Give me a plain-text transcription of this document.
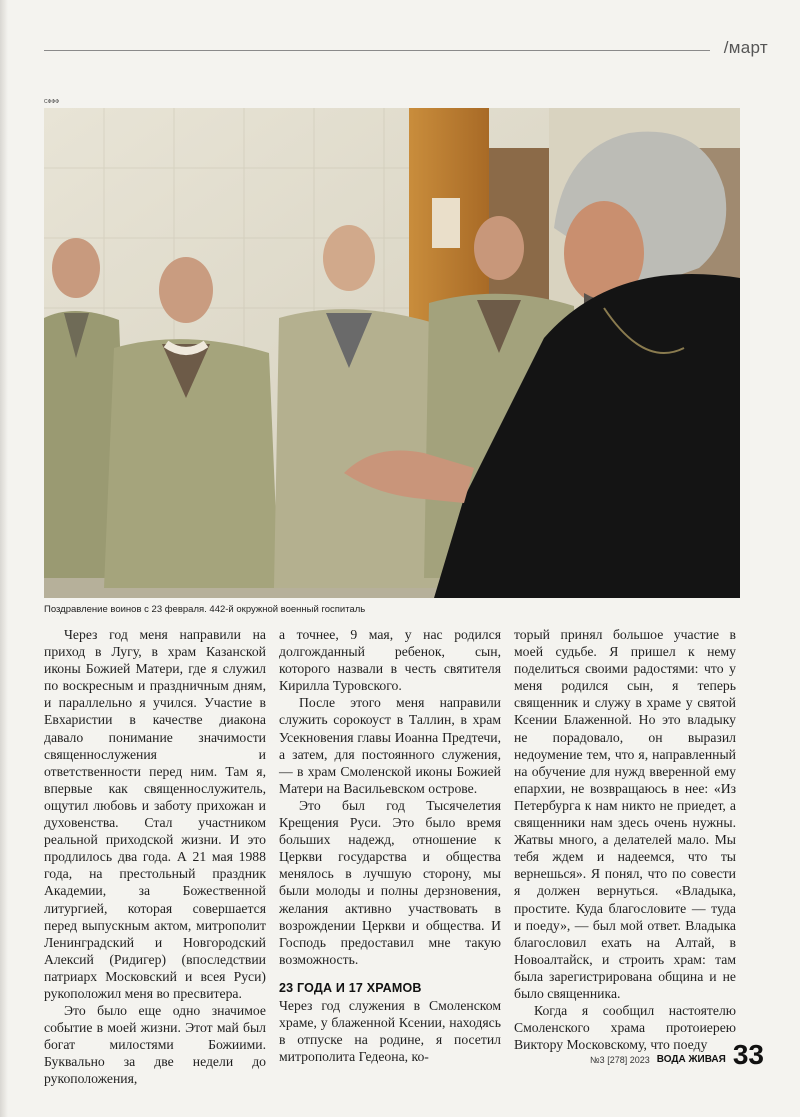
/март
СФФФ
Поздравление воинов с 23 февраля. 442-й окружной военный госпиталь

Через год меня направили на приход в Лугу, в храм Казанской иконы Божией Матери, где я служил по воскресным и праздничным дням, и параллельно я учился. Участие в Евхаристии в качестве диакона давало понимание значимости священнослужения и ответственности перед ним. Там я, впервые как священнослужитель, ощутил любовь и заботу прихожан и духовенства. Стал участником реальной приходской жизни. И это продлилось два года. А 21 мая 1988 года, на престольный праздник Академии, за Божественной литургией, которая совершается перед выпускным актом, митрополит Ленинградский и Новгородский Алексий (Ридигер) (впоследствии патриарх Московский и всея Руси) рукоположил меня во пресвитера.

Это было еще одно значимое событие в моей жизни. Этот май был богат милостями Божиими. Буквально за две недели до рукоположения,

а точнее, 9 мая, у нас родился долгожданный ребенок, сын, которого назвали в честь святителя Кирилла Туровского.

После этого меня направили служить сорокоуст в Таллин, в храм Усекновения главы Иоанна Предтечи, а затем, для постоянного служения, — в храм Смоленской иконы Божией Матери на Васильевском острове.

Это был год Тысячелетия Крещения Руси. Это было время больших надежд, отношение к Церкви государства и общества менялось в лучшую сторону, мы были молоды и полны дерзновения, желания активно участвовать в возрождении Церкви и общества. И Господь предоставил мне такую возможность.

23 ГОДА И 17 ХРАМОВ

Через год служения в Смоленском храме, у блаженной Ксении, находясь в отпуске на родине, я посетил митрополита Гедеона, ко-

торый принял большое участие в моей судьбе. Я пришел к нему поделиться своими радостями: что у меня родился сын, я теперь священник и служу в храме у святой Ксении Блаженной. Но это владыку не порадовало, он выразил недоумение тем, что я, направленный на обучение для нужд вверенной ему епархии, не возвращаюсь в нее: «Из Петербурга к нам никто не приедет, а священники нам здесь очень нужны. Жатвы много, а делателей мало. Мы тебя ждем и надеемся, что ты вернешься». Я понял, что по совести я должен вернуться. «Владыка, простите. Куда благословите — туда и поеду», — был мой ответ. Владыка благословил ехать на Алтай, в Новоалтайск, и строить храм: там была зарегистрирована община и не было священника.

Когда я сообщил настоятелю Смоленского храма протоиерею Виктору Московскому, что поеду

№3 [278] 2023 ВОДА ЖИВАЯ 33
